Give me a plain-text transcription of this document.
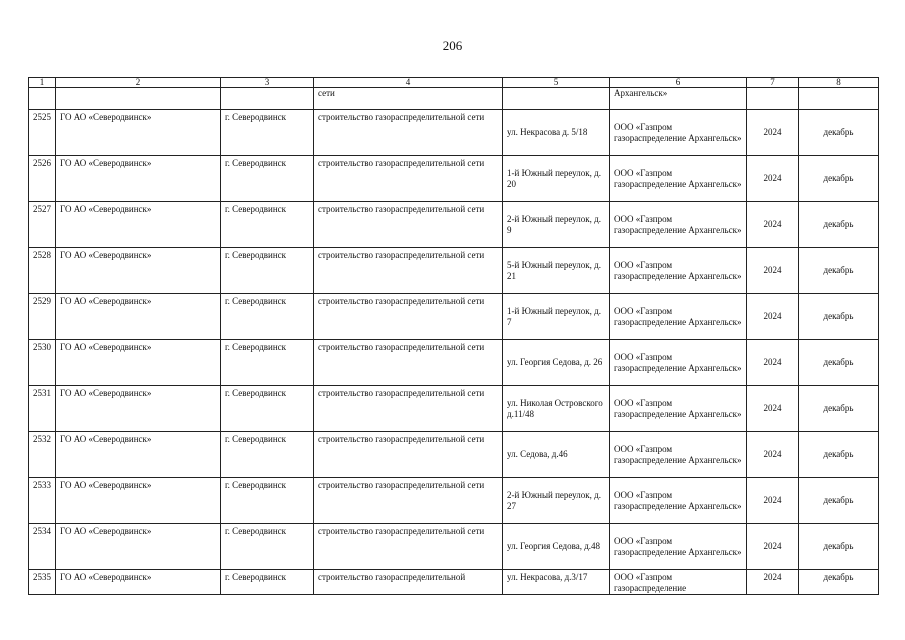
206
1	2	3	4	5	6	7	8
			сети		Архангельск»		
2525	ГО АО «Северодвинск»	г. Северодвинск	строительство газораспределительной сети	ул. Некрасова д. 5/18	ООО «Газпром газораспределение Архангельск»	2024	декабрь
2526	ГО АО «Северодвинск»	г. Северодвинск	строительство газораспределительной сети	1-й Южный переулок, д. 20	ООО «Газпром газораспределение Архангельск»	2024	декабрь
2527	ГО АО «Северодвинск»	г. Северодвинск	строительство газораспределительной сети	2-й Южный переулок, д. 9	ООО «Газпром газораспределение Архангельск»	2024	декабрь
2528	ГО АО «Северодвинск»	г. Северодвинск	строительство газораспределительной сети	5-й Южный переулок, д. 21	ООО «Газпром газораспределение Архангельск»	2024	декабрь
2529	ГО АО «Северодвинск»	г. Северодвинск	строительство газораспределительной сети	1-й Южный переулок, д. 7	ООО «Газпром газораспределение Архангельск»	2024	декабрь
2530	ГО АО «Северодвинск»	г. Северодвинск	строительство газораспределительной сети	ул. Георгия Седова, д. 26	ООО «Газпром газораспределение Архангельск»	2024	декабрь
2531	ГО АО «Северодвинск»	г. Северодвинск	строительство газораспределительной сети	ул. Николая Островского д.11/48	ООО «Газпром газораспределение Архангельск»	2024	декабрь
2532	ГО АО «Северодвинск»	г. Северодвинск	строительство газораспределительной сети	ул. Седова, д.46	ООО «Газпром газораспределение Архангельск»	2024	декабрь
2533	ГО АО «Северодвинск»	г. Северодвинск	строительство газораспределительной сети	2-й Южный переулок, д. 27	ООО «Газпром газораспределение Архангельск»	2024	декабрь
2534	ГО АО «Северодвинск»	г. Северодвинск	строительство газораспределительной сети	ул. Георгия Седова, д.48	ООО «Газпром газораспределение Архангельск»	2024	декабрь
2535	ГО АО «Северодвинск»	г. Северодвинск	строительство газораспределительной	ул. Некрасова, д.3/17	ООО «Газпром газораспределение	2024	декабрь
